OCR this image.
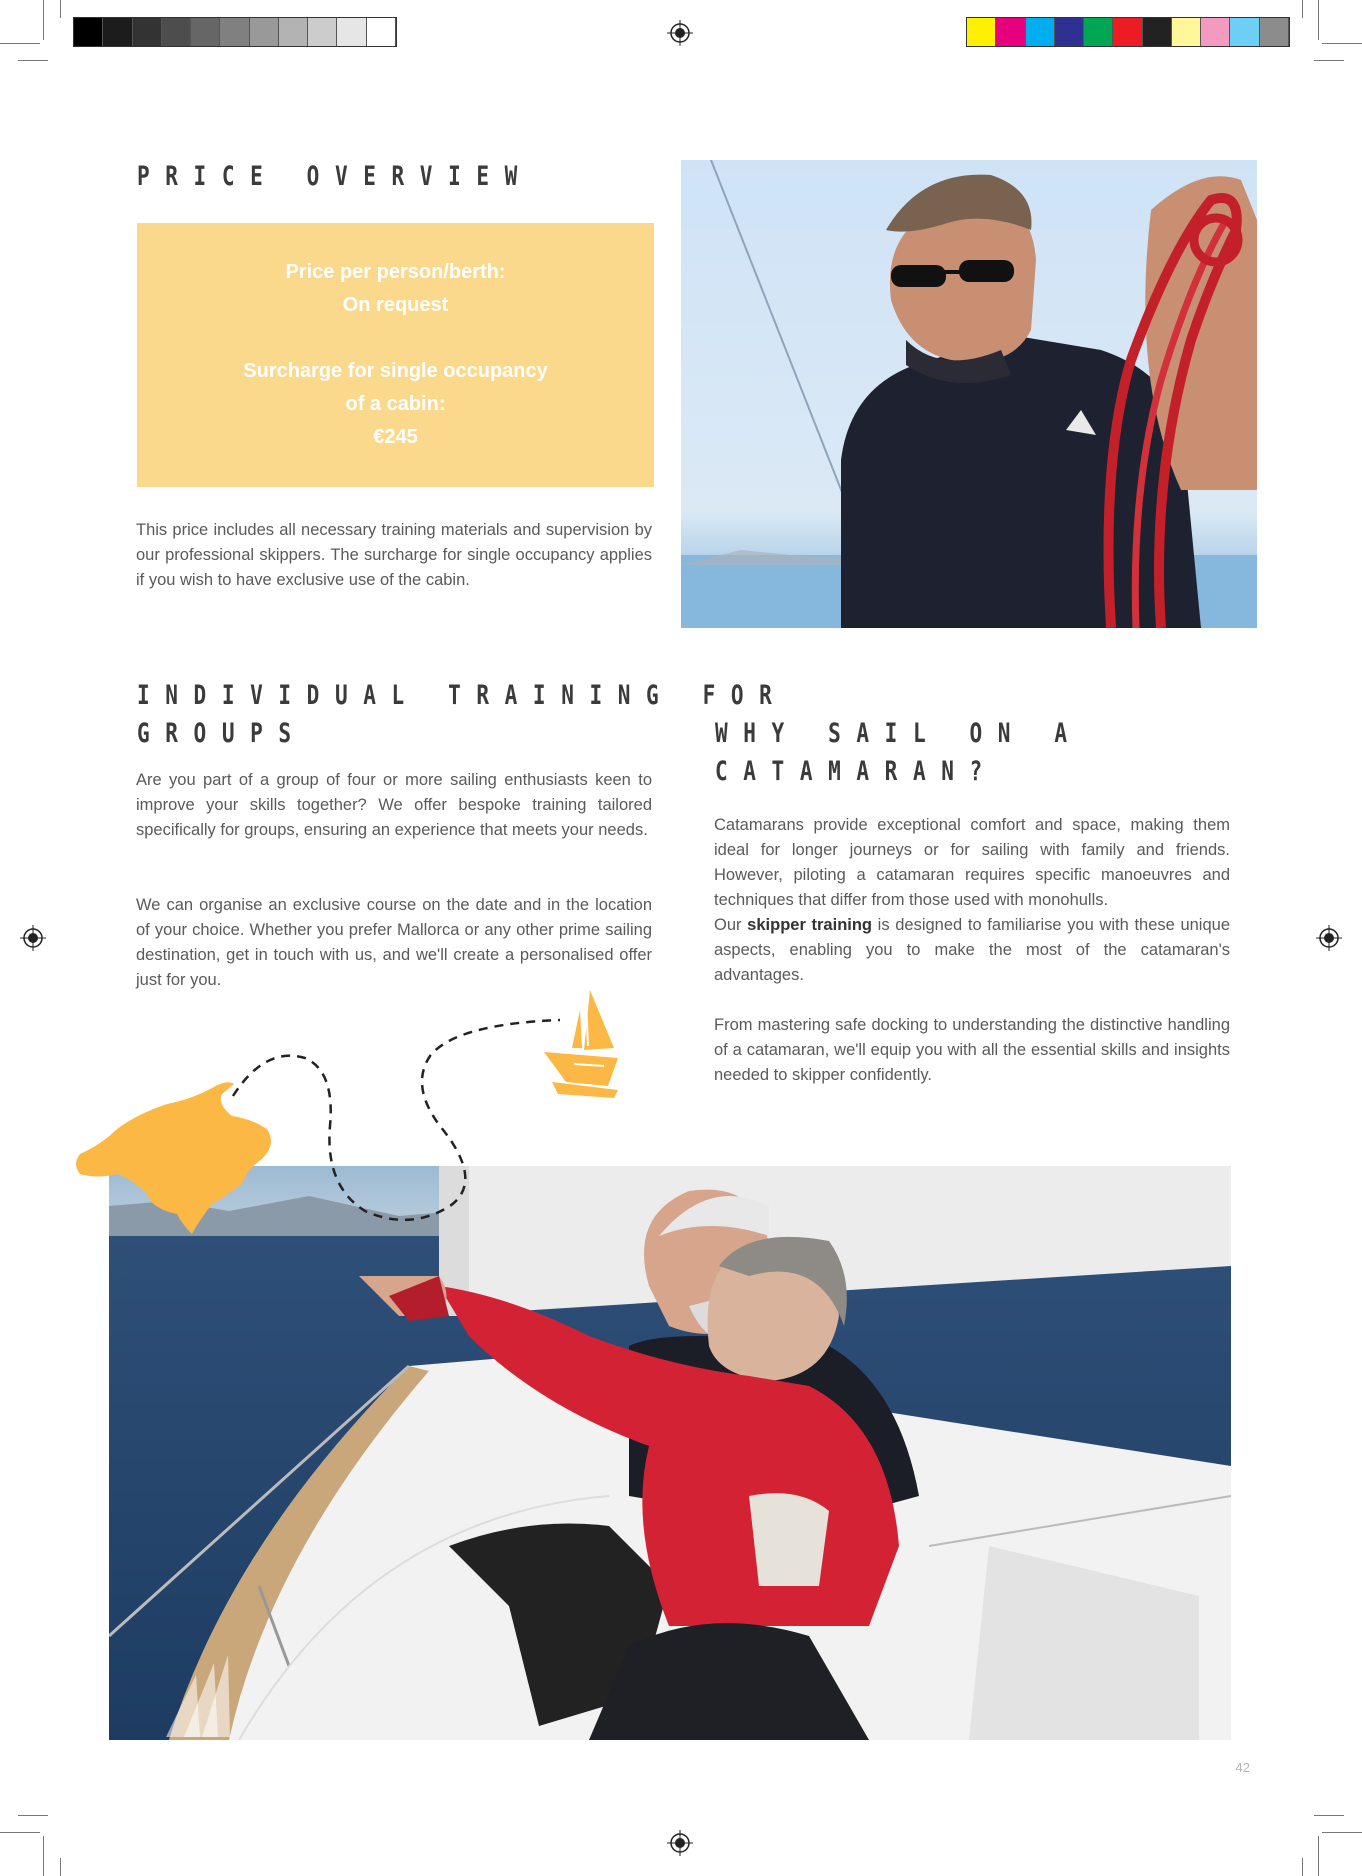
PRICE OVERVIEW

Price per person/berth:

On request

Surcharge for single occupancy

of a cabin:

€245

This price includes all necessary training materials and supervision by our professional skippers. The surcharge for single occupancy applies if you wish to have exclusive use of the cabin.

INDIVIDUAL TRAINING FOR
GROUPS

Are you part of a group of four or more sailing enthusiasts keen to improve your skills together? We offer bespoke training tailored specifically for groups, ensuring an experience that meets your needs.

We can organise an exclusive course on the date and in the location of your choice. Whether you prefer Mallorca or any other prime sailing destination, get in touch with us, and we'll create a personalised offer just for you.

WHY SAIL ON A CATAMARAN?

Catamarans provide exceptional comfort and space, making them ideal for longer journeys or for sailing with family and friends. However, piloting a catamaran requires specific manoeuvres and techniques that differ from those used with monohulls.

Our skipper training is designed to familiarise you with these unique aspects, enabling you to make the most of the catamaran's advantages.

From mastering safe docking to understanding the distinctive handling of a catamaran, we'll equip you with all the essential skills and insights needed to skipper confidently.

42
